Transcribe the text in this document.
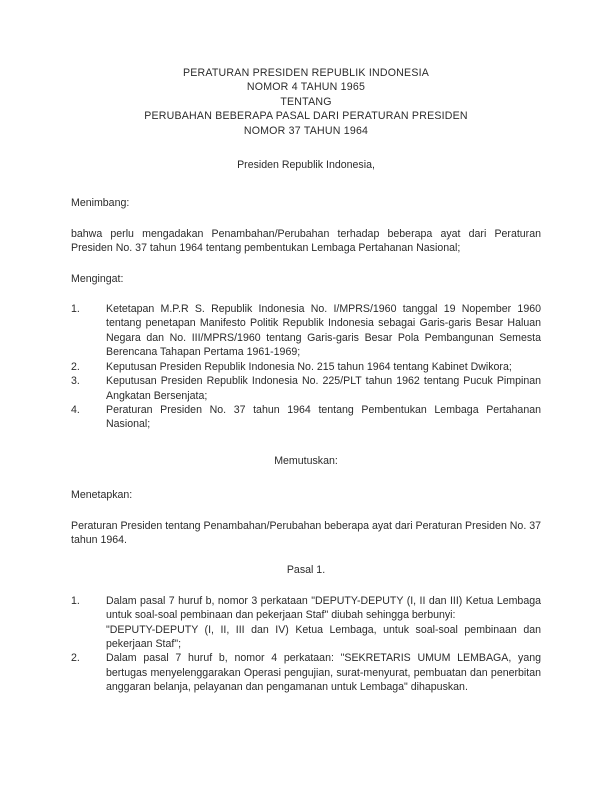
PERATURAN PRESIDEN REPUBLIK INDONESIA
NOMOR 4 TAHUN 1965
TENTANG
PERUBAHAN BEBERAPA PASAL DARI PERATURAN PRESIDEN
NOMOR 37 TAHUN 1964
Presiden Republik Indonesia,
Menimbang:
bahwa perlu mengadakan Penambahan/Perubahan terhadap beberapa ayat dari Peraturan Presiden No. 37 tahun 1964 tentang pembentukan Lembaga Pertahanan Nasional;
Mengingat:
1.	Ketetapan M.P.R S. Republik Indonesia No. I/MPRS/1960 tanggal 19 Nopember 1960 tentang penetapan Manifesto Politik Republik Indonesia sebagai Garis-garis Besar Haluan Negara dan No. III/MPRS/1960 tentang Garis-garis Besar Pola Pembangunan Semesta Berencana Tahapan Pertama 1961-1969;
2.	Keputusan Presiden Republik Indonesia No. 215 tahun 1964 tentang Kabinet Dwikora;
3.	Keputusan Presiden Republik Indonesia No. 225/PLT tahun 1962 tentang Pucuk Pimpinan Angkatan Bersenjata;
4.	Peraturan Presiden No. 37 tahun 1964 tentang Pembentukan Lembaga Pertahanan Nasional;
Memutuskan:
Menetapkan:
Peraturan Presiden tentang Penambahan/Perubahan beberapa ayat dari Peraturan Presiden No. 37 tahun 1964.
Pasal 1.
1.	Dalam pasal 7 huruf b, nomor 3 perkataan "DEPUTY-DEPUTY (I, II dan III) Ketua Lembaga untuk soal-soal pembinaan dan pekerjaan Staf" diubah sehingga berbunyi:
"DEPUTY-DEPUTY (I, II, III dan IV) Ketua Lembaga, untuk soal-soal pembinaan dan pekerjaan Staf";
2.	Dalam pasal 7 huruf b, nomor 4 perkataan: "SEKRETARIS UMUM LEMBAGA, yang bertugas menyelenggarakan Operasi pengujian, surat-menyurat, pembuatan dan penerbitan anggaran belanja, pelayanan dan pengamanan untuk Lembaga" dihapuskan.
